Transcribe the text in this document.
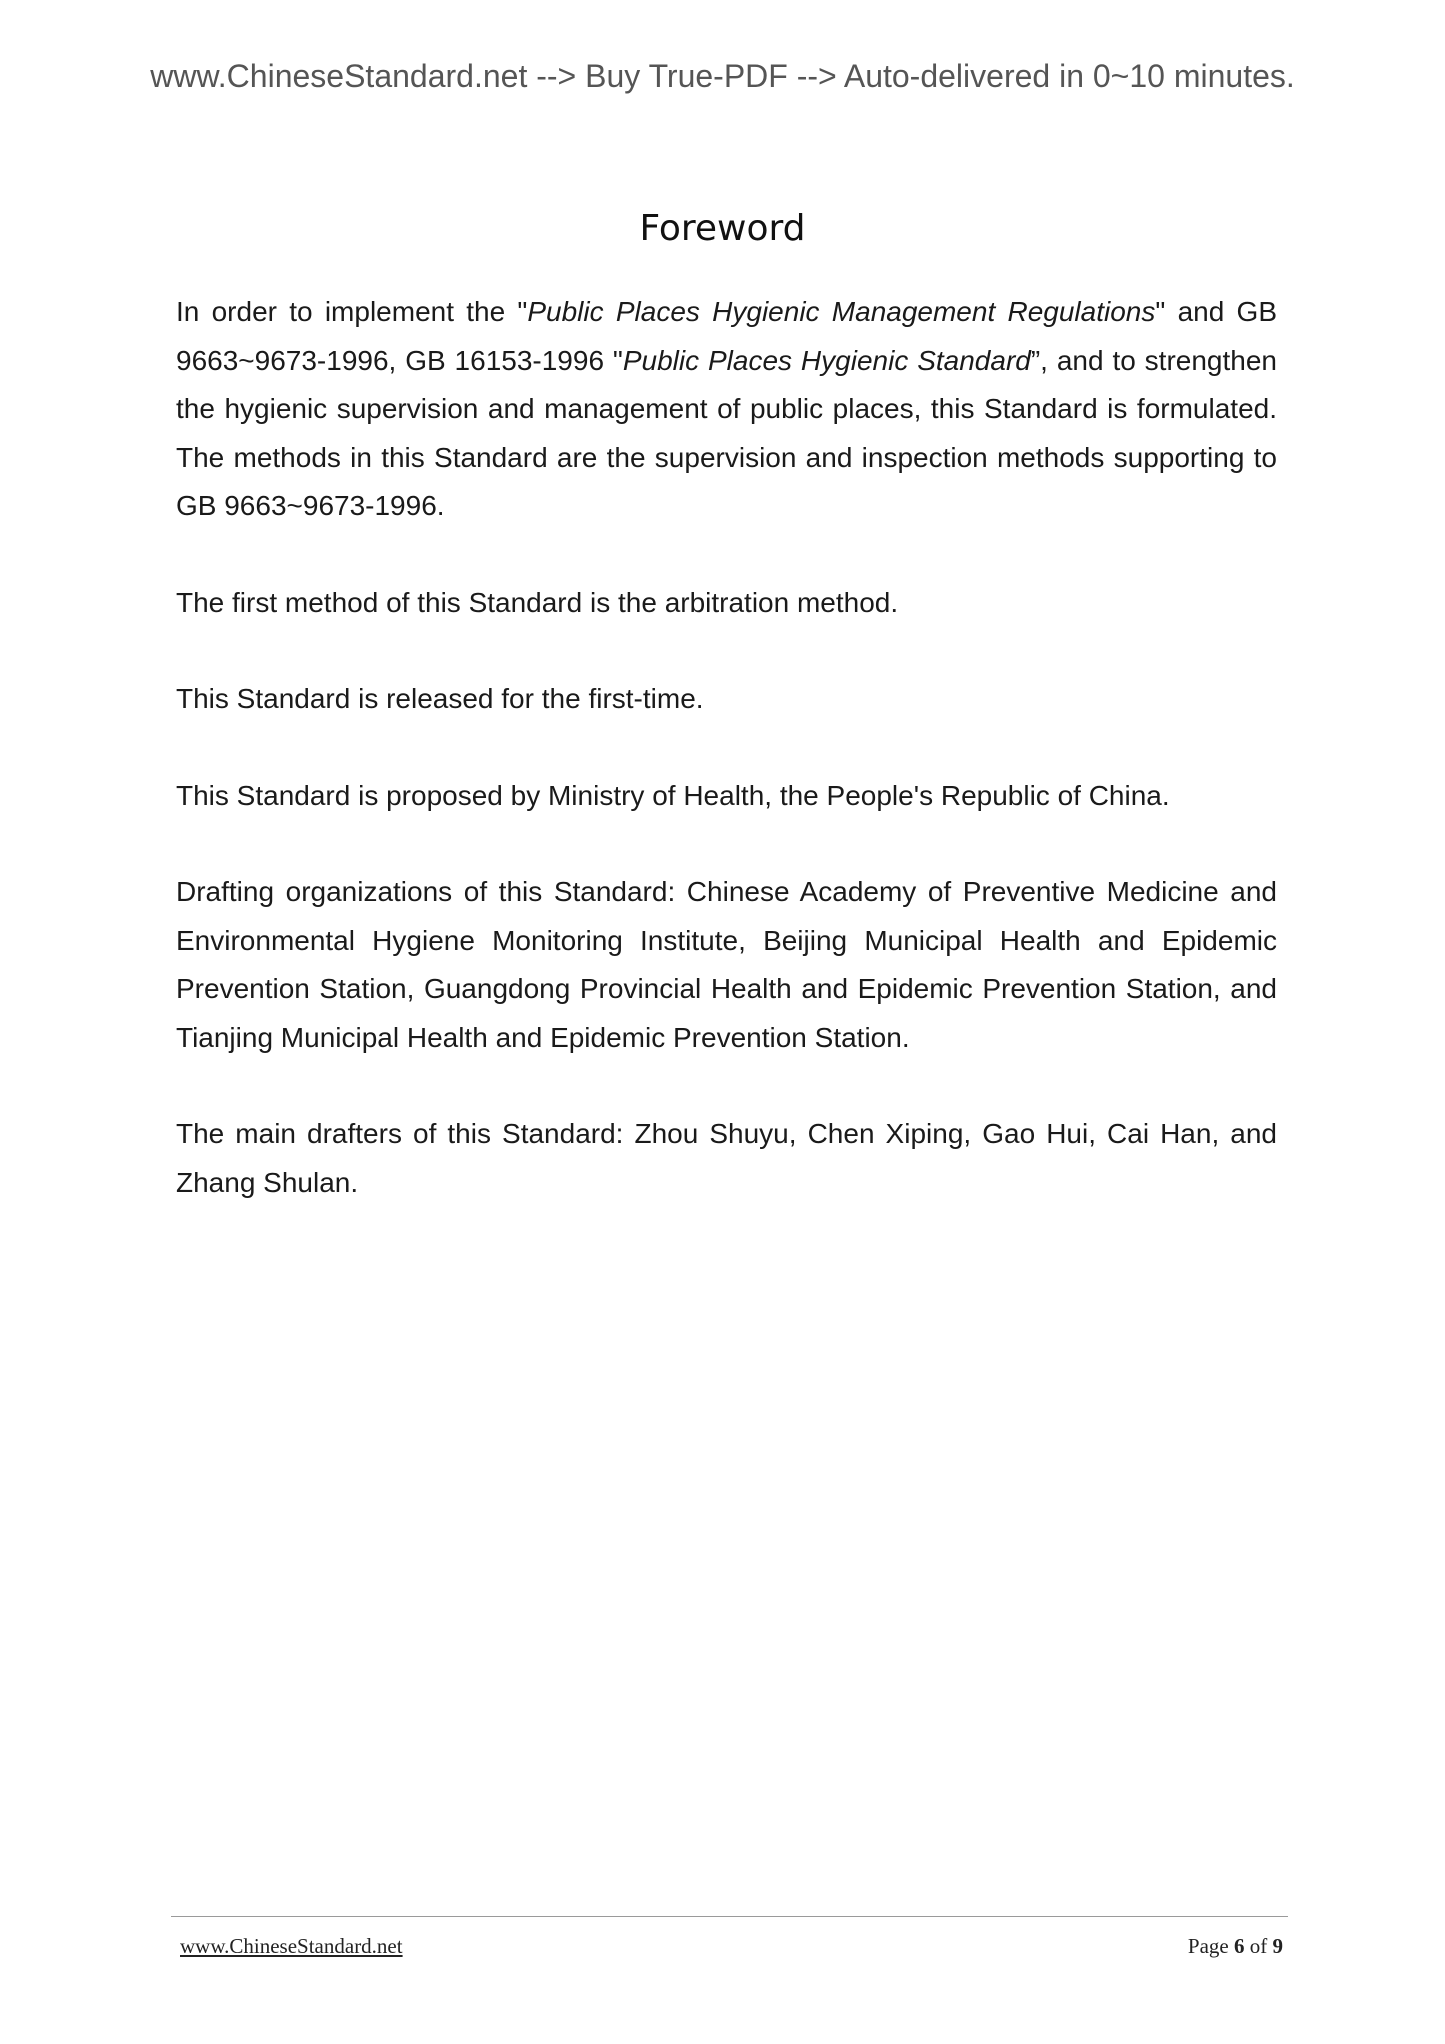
www.ChineseStandard.net --> Buy True-PDF --> Auto-delivered in 0~10 minutes.
Foreword

In order to implement the "Public Places Hygienic Management Regulations" and GB 9663~9673-1996, GB 16153-1996 "Public Places Hygienic Standard”, and to strengthen the hygienic supervision and management of public places, this Standard is formulated. The methods in this Standard are the supervision and inspection methods supporting to GB 9663~9673-1996.

The first method of this Standard is the arbitration method.

This Standard is released for the first-time.

This Standard is proposed by Ministry of Health, the People's Republic of China.

Drafting organizations of this Standard: Chinese Academy of Preventive Medicine and Environmental Hygiene Monitoring Institute, Beijing Municipal Health and Epidemic Prevention Station, Guangdong Provincial Health and Epidemic Prevention Station, and Tianjing Municipal Health and Epidemic Prevention Station.

The main drafters of this Standard: Zhou Shuyu, Chen Xiping, Gao Hui, Cai Han, and Zhang Shulan.

www.ChineseStandard.net	Page 6 of 9
